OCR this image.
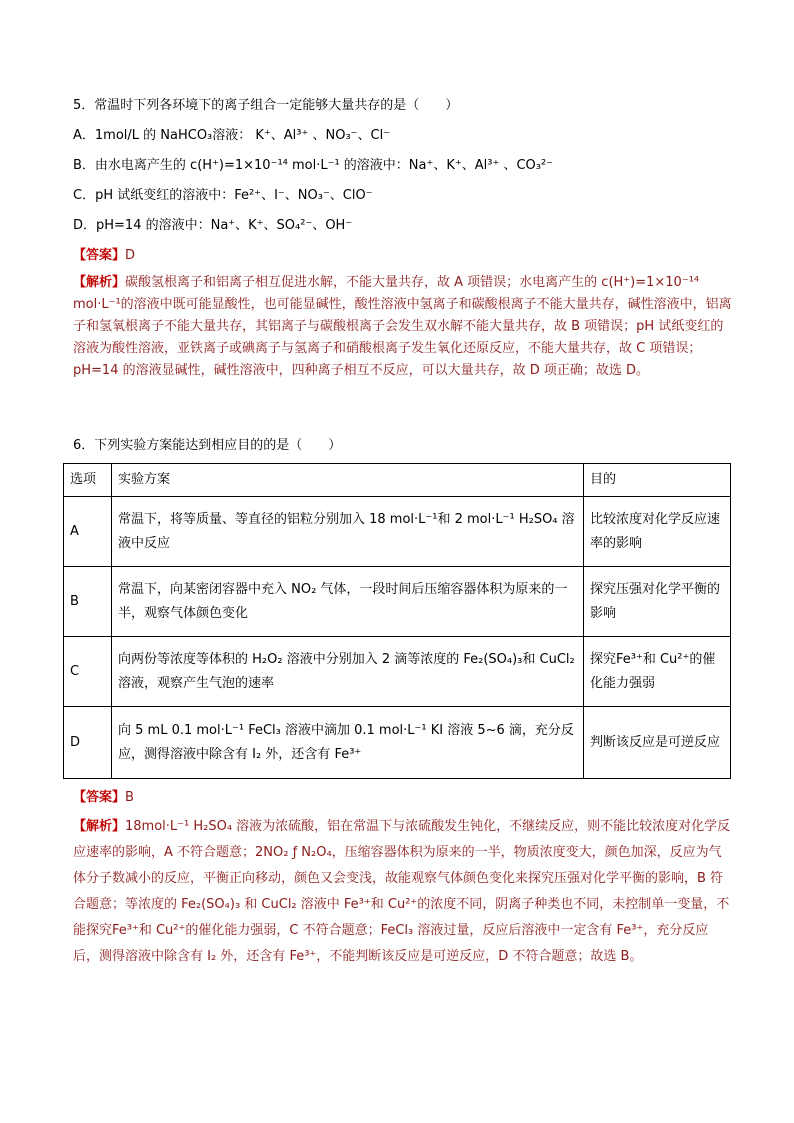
5．常温时下列各环境下的离子组合一定能够大量共存的是（　　）
A．1mol/L 的 NaHCO₃溶液： K⁺、Al³⁺ 、NO₃⁻、Cl⁻
B．由水电离产生的 c(H⁺)=1×10⁻¹⁴ mol·L⁻¹ 的溶液中：Na⁺、K⁺、Al³⁺ 、CO₃²⁻
C．pH 试纸变红的溶液中：Fe²⁺、I⁻、NO₃⁻、ClO⁻
D．pH=14 的溶液中：Na⁺、K⁺、SO₄²⁻、OH⁻
【答案】D
【解析】碳酸氢根离子和铝离子相互促进水解，不能大量共存，故 A 项错误；水电离产生的 c(H⁺)=1×10⁻¹⁴ mol·L⁻¹的溶液中既可能显酸性，也可能显碱性，酸性溶液中氢离子和碳酸根离子不能大量共存，碱性溶液中，铝离子和氢氧根离子不能大量共存，其铝离子与碳酸根离子会发生双水解不能大量共存，故 B 项错误；pH 试纸变红的溶液为酸性溶液，亚铁离子或碘离子与氢离子和硝酸根离子发生氧化还原反应，不能大量共存，故 C 项错误；pH=14 的溶液显碱性，碱性溶液中，四种离子相互不反应，可以大量共存，故 D 项正确；故选 D。
6．下列实验方案能达到相应目的的是（　　）
选项	实验方案	目的
A	常温下，将等质量、等直径的铝粒分别加入 18 mol·L⁻¹和 2 mol·L⁻¹ H₂SO₄ 溶液中反应	比较浓度对化学反应速率的影响
B	常温下，向某密闭容器中充入 NO₂ 气体，一段时间后压缩容器体积为原来的一半，观察气体颜色变化	探究压强对化学平衡的影响
C	向两份等浓度等体积的 H₂O₂ 溶液中分别加入 2 滴等浓度的 Fe₂(SO₄)₃和 CuCl₂ 溶液，观察产生气泡的速率	探究Fe³⁺和 Cu²⁺的催化能力强弱
D	向 5 mL 0.1 mol·L⁻¹ FeCl₃ 溶液中滴加 0.1 mol·L⁻¹ KI 溶液 5~6 滴，充分反应，测得溶液中除含有 I₂ 外，还含有 Fe³⁺	判断该反应是可逆反应
【答案】B
【解析】18mol·L⁻¹ H₂SO₄ 溶液为浓硫酸，铝在常温下与浓硫酸发生钝化，不继续反应，则不能比较浓度对化学反应速率的影响，A 不符合题意；2NO₂ ƒ N₂O₄，压缩容器体积为原来的一半，物质浓度变大，颜色加深，反应为气体分子数减小的反应，平衡正向移动，颜色又会变浅，故能观察气体颜色变化来探究压强对化学平衡的影响，B 符合题意；等浓度的 Fe₂(SO₄)₃ 和 CuCl₂ 溶液中 Fe³⁺和 Cu²⁺的浓度不同，阴离子种类也不同，未控制单一变量，不能探究Fe³⁺和 Cu²⁺的催化能力强弱，C 不符合题意；FeCl₃ 溶液过量，反应后溶液中一定含有 Fe³⁺，充分反应后，测得溶液中除含有 I₂ 外，还含有 Fe³⁺，不能判断该反应是可逆反应，D 不符合题意；故选 B。
